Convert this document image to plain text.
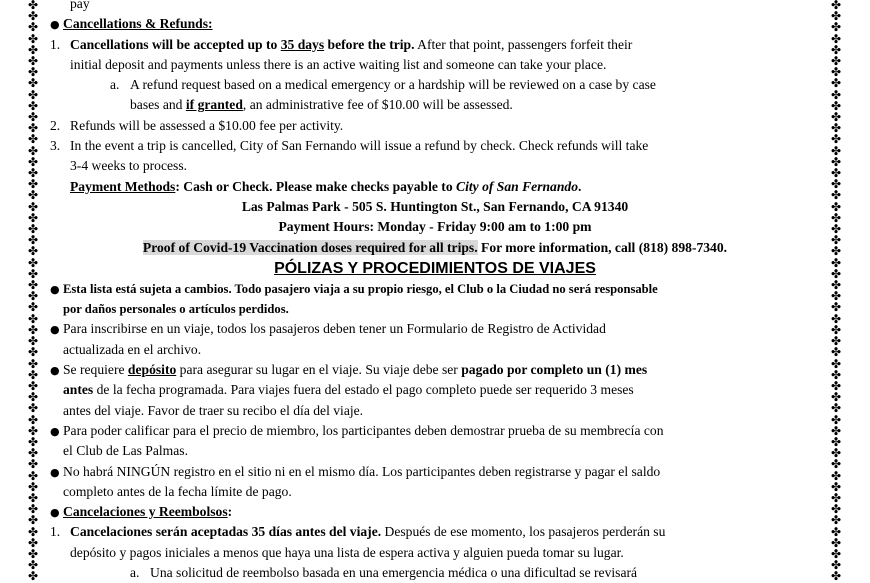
✤
✤
✤
✤
✤
✤
✤
✤
✤
✤
✤
✤
✤
✤
✤
✤
✤
✤
✤
✤
✤
✤
✤
✤
✤
✤
✤
✤
✤
✤
✤
✤
✤
✤
✤
✤
✤
✤
✤
✤
✤
✤
✤
✤
✤
✤
✤
✤
✤
✤
✤
✤
✤
✤
✤
✤
✤
✤
✤
✤
✤
✤
✤
✤
✤
✤
✤
✤
✤
✤
✤
✤
✤
✤
✤
✤
✤
✤
✤
✤
✤
✤
✤
✤
✤
✤
✤
✤
✤
✤
✤
✤
✤
✤
✤
✤
✤
✤
✤
✤
✤
✤
✤
✤
pay
● Cancellations & Refunds:
1. Cancellations will be accepted up to 35 days before the trip. After that point, passengers forfeit their
initial deposit and payments unless there is an active waiting list and someone can take your place.
a. A refund request based on a medical emergency or a hardship will be reviewed on a case by case
bases and if granted, an administrative fee of $10.00 will be assessed.
2. Refunds will be assessed a $10.00 fee per activity.
3. In the event a trip is cancelled, City of San Fernando will issue a refund by check. Check refunds will take
3-4 weeks to process.
Payment Methods: Cash or Check. Please make checks payable to City of San Fernando.
Las Palmas Park - 505 S. Huntington St., San Fernando, CA 91340
Payment Hours: Monday - Friday 9:00 am to 1:00 pm
Proof of Covid-19 Vaccination doses required for all trips. For more information, call (818) 898-7340.
PÓLIZAS Y PROCEDIMIENTOS DE VIAJES
● Esta lista está sujeta a cambios. Todo pasajero viaja a su propio riesgo, el Club o la Ciudad no será responsable
por daños personales o artículos perdidos.
● Para inscribirse en un viaje, todos los pasajeros deben tener un Formulario de Registro de Actividad
actualizada en el archivo.
● Se requiere depósito para asegurar su lugar en el viaje. Su viaje debe ser pagado por completo un (1) mes
antes de la fecha programada. Para viajes fuera del estado el pago completo puede ser requerido 3 meses
antes del viaje. Favor de traer su recibo el día del viaje.
● Para poder calificar para el precio de miembro, los participantes deben demostrar prueba de su membrecía con
el Club de Las Palmas.
● No habrá NINGÚN registro en el sitio ni en el mismo día. Los participantes deben registrarse y pagar el saldo
completo antes de la fecha límite de pago.
● Cancelaciones y Reembolsos:
1. Cancelaciones serán aceptadas 35 días antes del viaje. Después de ese momento, los pasajeros perderán su
depósito y pagos iniciales a menos que haya una lista de espera activa y alguien pueda tomar su lugar.
a. Una solicitud de reembolso basada en una emergencia médica o una dificultad se revisará
